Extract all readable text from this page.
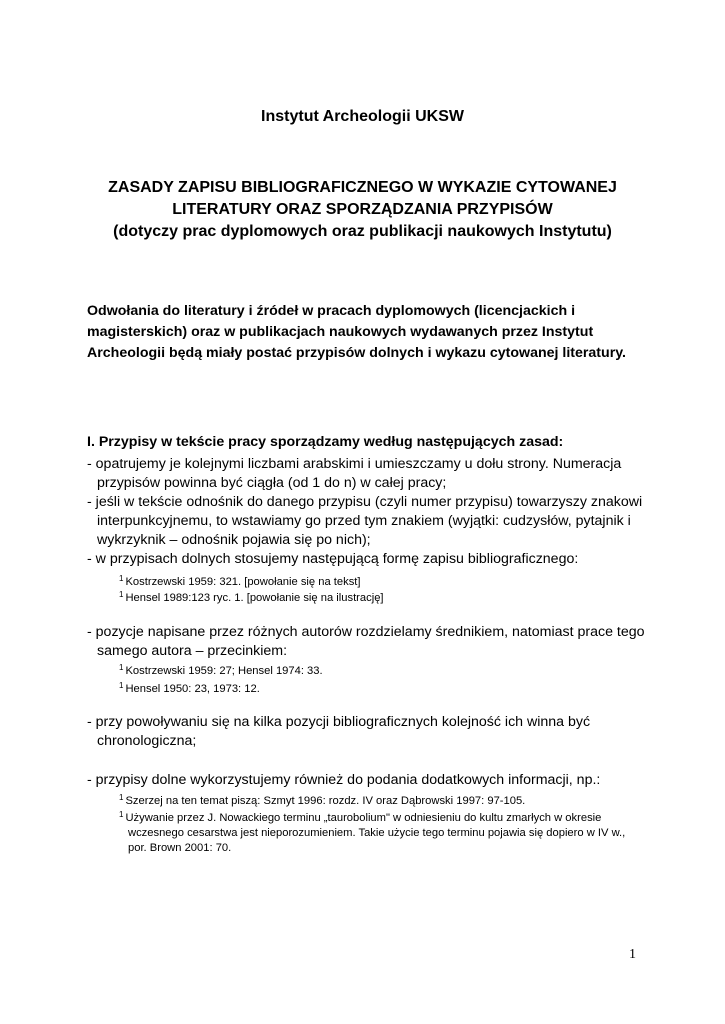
Instytut Archeologii UKSW
ZASADY ZAPISU BIBLIOGRAFICZNEGO W WYKAZIE CYTOWANEJ
LITERATURY ORAZ SPORZĄDZANIA PRZYPISÓW
(dotyczy prac dyplomowych oraz publikacji naukowych Instytutu)
Odwołania do literatury i źródeł w pracach dyplomowych (licencjackich i magisterskich) oraz w publikacjach naukowych wydawanych przez Instytut Archeologii będą miały postać przypisów dolnych i wykazu cytowanej literatury.
I. Przypisy w tekście pracy sporządzamy według następujących zasad:
- opatrujemy je kolejnymi liczbami arabskimi i umieszczamy u dołu strony. Numeracja przypisów powinna być ciągła (od 1 do n) w całej pracy;
- jeśli w tekście odnośnik do danego przypisu (czyli numer przypisu) towarzyszy znakowi interpunkcyjnemu, to wstawiamy go przed tym znakiem (wyjątki: cudzysłów, pytajnik i wykrzyknik – odnośnik pojawia się po nich);
- w przypisach dolnych stosujemy następującą formę zapisu bibliograficznego:
$^1$ Kostrzewski 1959: 321. [powołanie się na tekst]
$^1$ Hensel 1989:123 ryc. 1. [powołanie się na ilustrację]
- pozycje napisane przez różnych autorów rozdzielamy średnikiem, natomiast prace tego samego autora – przecinkiem:
$^1$ Kostrzewski 1959: 27; Hensel 1974: 33.
$^1$ Hensel 1950: 23, 1973: 12.
- przy powoływaniu się na kilka pozycji bibliograficznych kolejność ich winna być chronologiczna;
- przypisy dolne wykorzystujemy również do podania dodatkowych informacji, np.:
$^1$ Szerzej na ten temat piszą: Szmyt 1996: rozdz. IV oraz Dąbrowski 1997: 97-105.
$^1$ Używanie przez J. Nowackiego terminu „taurobolium" w odniesieniu do kultu zmarłych w okresie wczesnego cesarstwa jest nieporozumieniem. Takie użycie tego terminu pojawia się dopiero w IV w., por. Brown 2001: 70.
1
